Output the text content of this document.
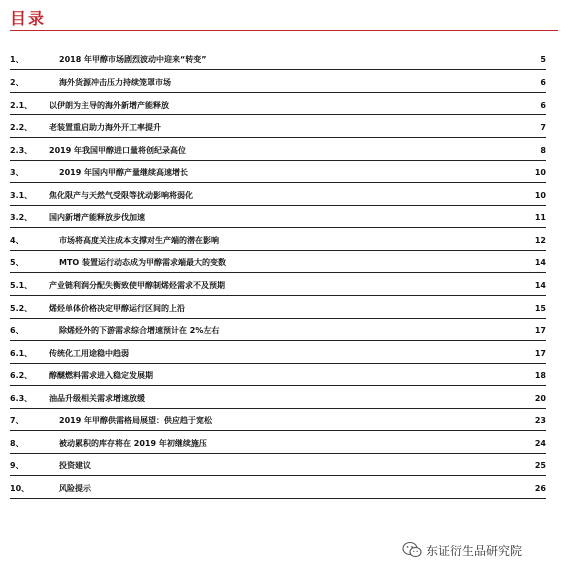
目录
1、	2018 年甲醇市场剧烈波动中迎来“转变”	5
2、	海外货源冲击压力持续笼罩市场	6
2.1、 以伊朗为主导的海外新增产能释放	6
2.2、 老装置重启助力海外开工率提升	7
2.3、 2019 年我国甲醇进口量将创纪录高位	8
3、	2019 年国内甲醇产量继续高速增长	10
3.1、 焦化限产与天然气受限等扰动影响将弱化	10
3.2、 国内新增产能释放步伐加速	11
4、	市场将高度关注成本支撑对生产端的潜在影响	12
5、	MTO 装置运行动态成为甲醇需求端最大的变数	14
5.1、 产业链利润分配失衡致使甲醇制烯烃需求不及预期	14
5.2、 烯烃单体价格决定甲醇运行区间的上沿	15
6、	除烯烃外的下游需求综合增速预计在 2%左右	17
6.1、 传统化工用途稳中趋弱	17
6.2、 醇醚燃料需求进入稳定发展期	18
6.3、 油品升级相关需求增速放缓	20
7、	2019 年甲醇供需格局展望：供应趋于宽松	23
8、	被动累积的库存将在 2019 年初继续施压	24
9、	投资建议	25
10、	风险提示	26
东证衍生品研究院
